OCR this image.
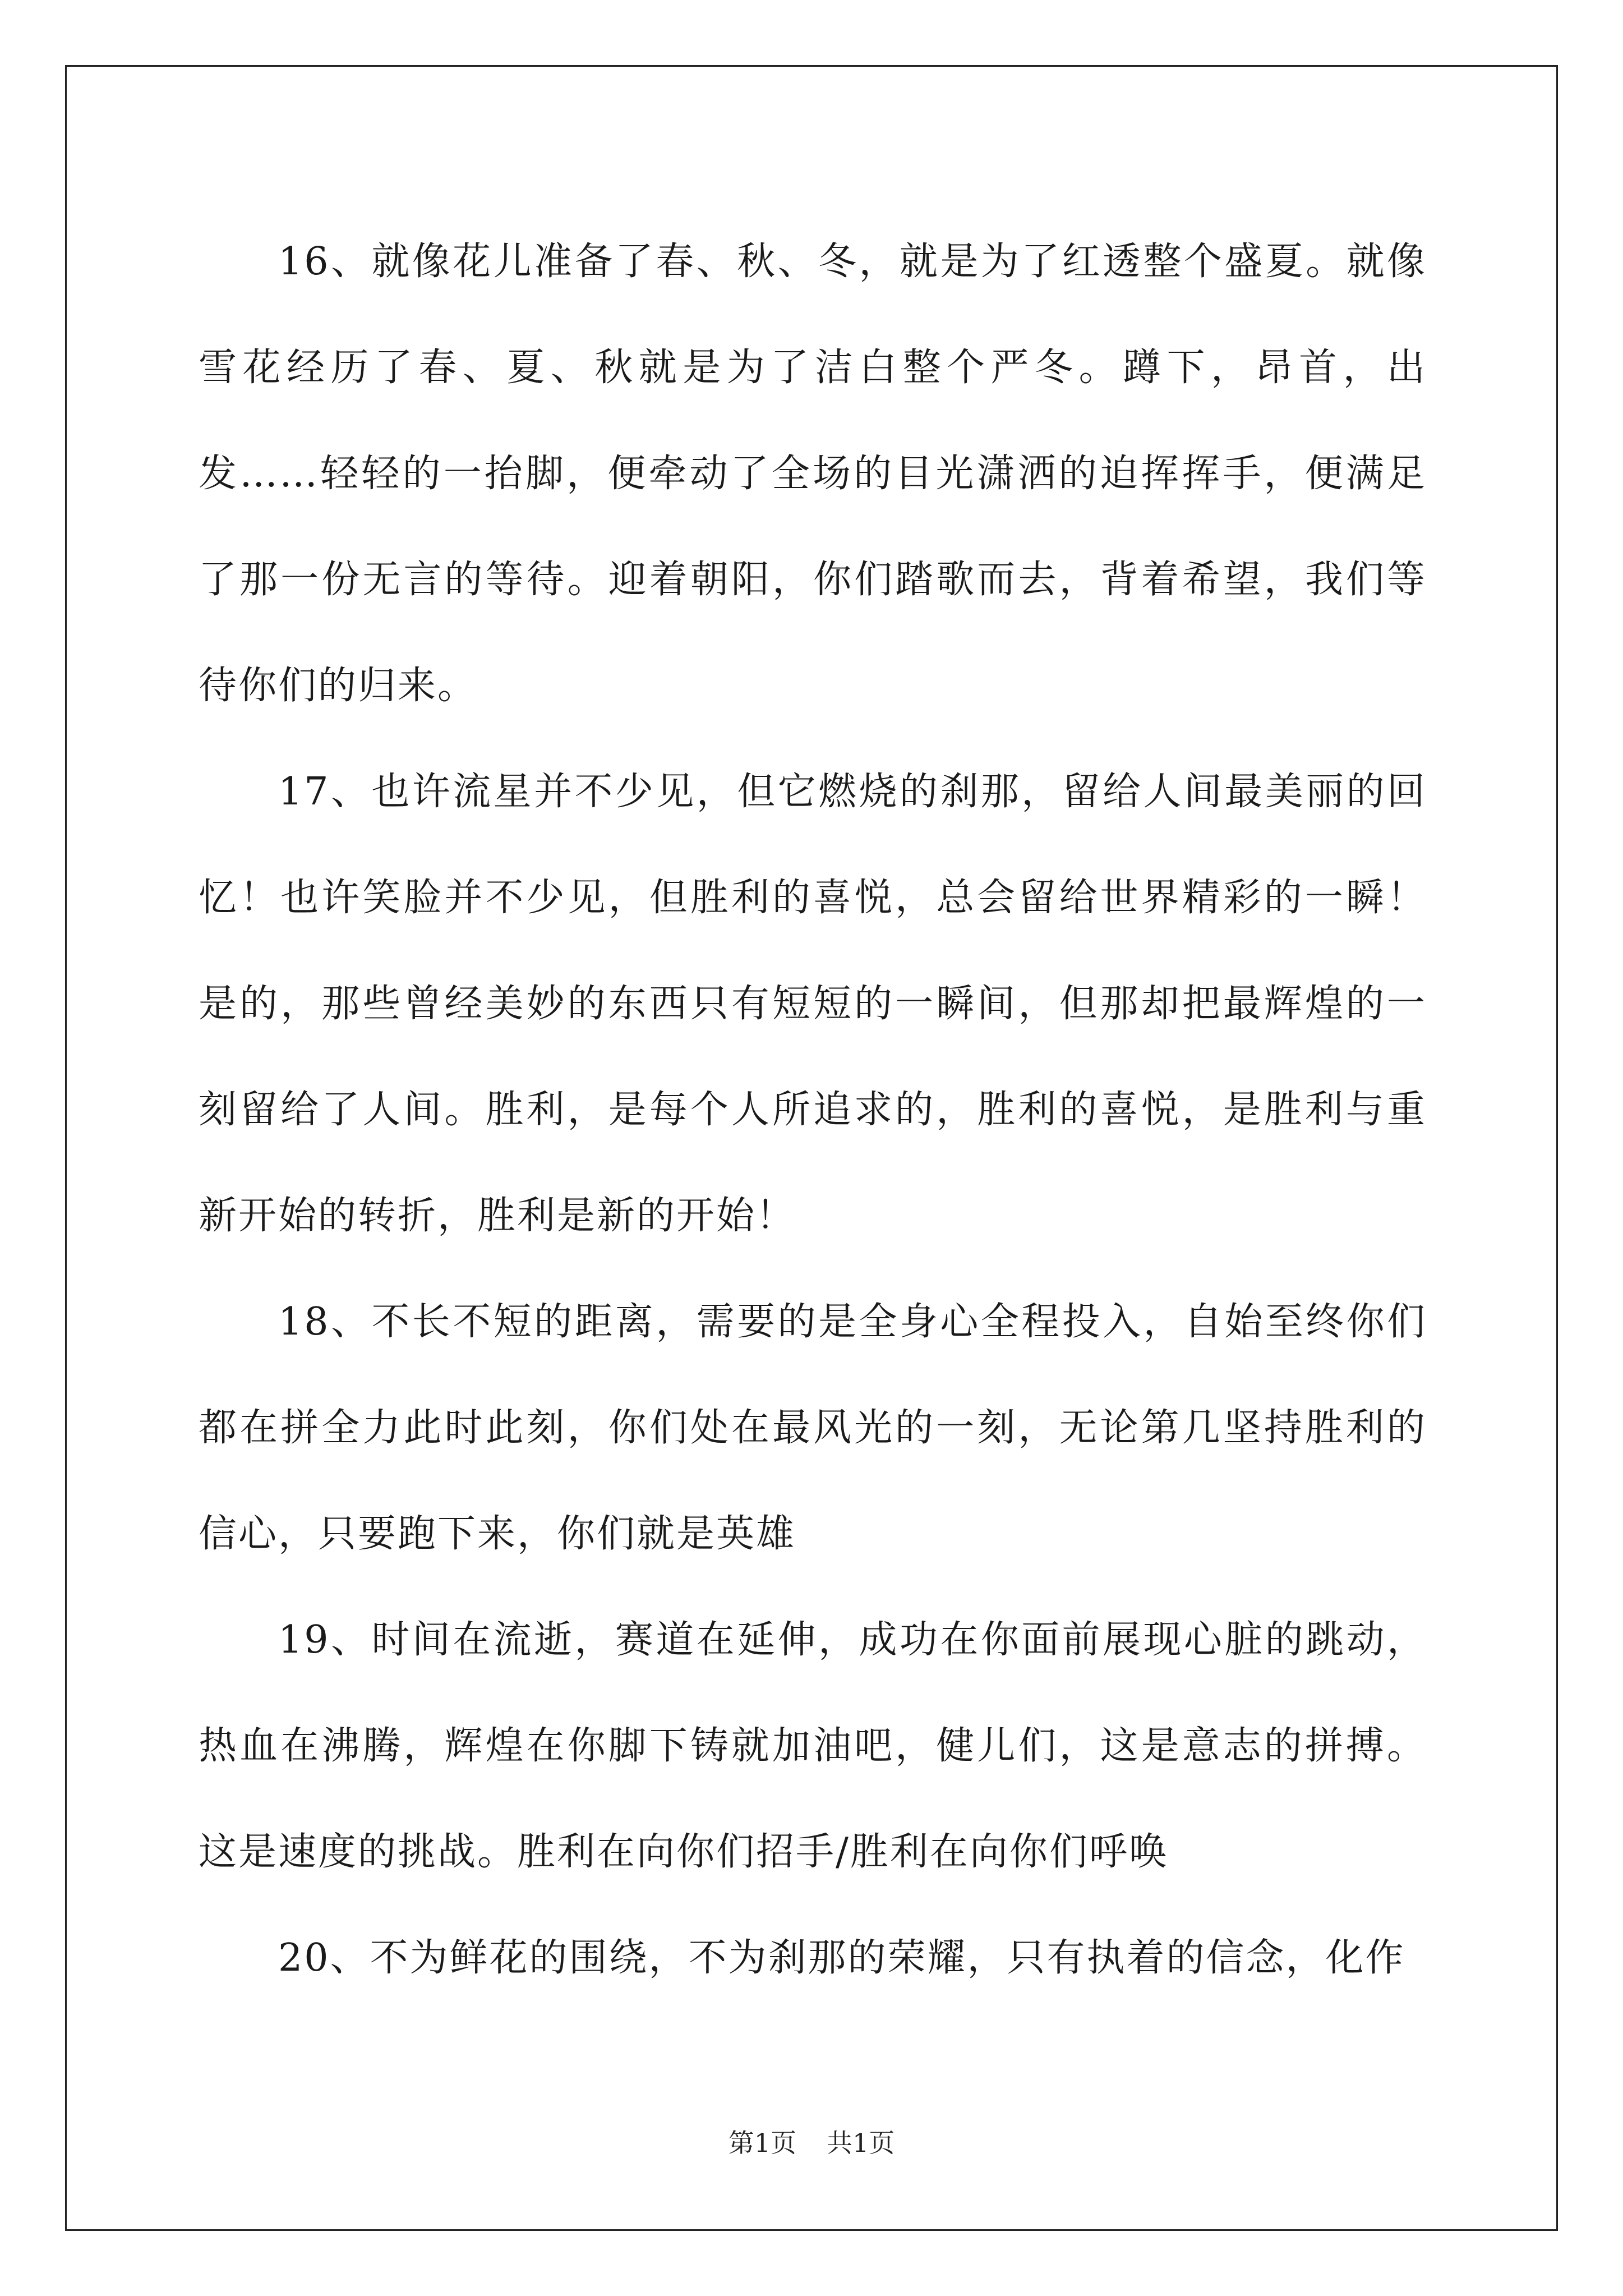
16、就像花儿准备了春、秋、冬，就是为了红透整个盛夏。就像雪花经历了春、夏、秋就是为了洁白整个严冬。蹲下，昂首，出发……轻轻的一抬脚，便牵动了全场的目光潇洒的迫挥挥手，便满足了那一份无言的等待。迎着朝阳，你们踏歌而去，背着希望，我们等待你们的归来。

17、也许流星并不少见，但它燃烧的刹那，留给人间最美丽的回忆！也许笑脸并不少见，但胜利的喜悦，总会留给世界精彩的一瞬！是的，那些曾经美妙的东西只有短短的一瞬间，但那却把最辉煌的一刻留给了人间。胜利，是每个人所追求的，胜利的喜悦，是胜利与重新开始的转折，胜利是新的开始！

18、不长不短的距离，需要的是全身心全程投入，自始至终你们都在拼全力此时此刻，你们处在最风光的一刻，无论第几坚持胜利的信心，只要跑下来，你们就是英雄

19、时间在流逝，赛道在延伸，成功在你面前展现心脏的跳动，热血在沸腾，辉煌在你脚下铸就加油吧，健儿们，这是意志的拼搏。这是速度的挑战。胜利在向你们招手/胜利在向你们呼唤

20、不为鲜花的围绕，不为刹那的荣耀，只有执着的信念，化作

第1页 共1页
